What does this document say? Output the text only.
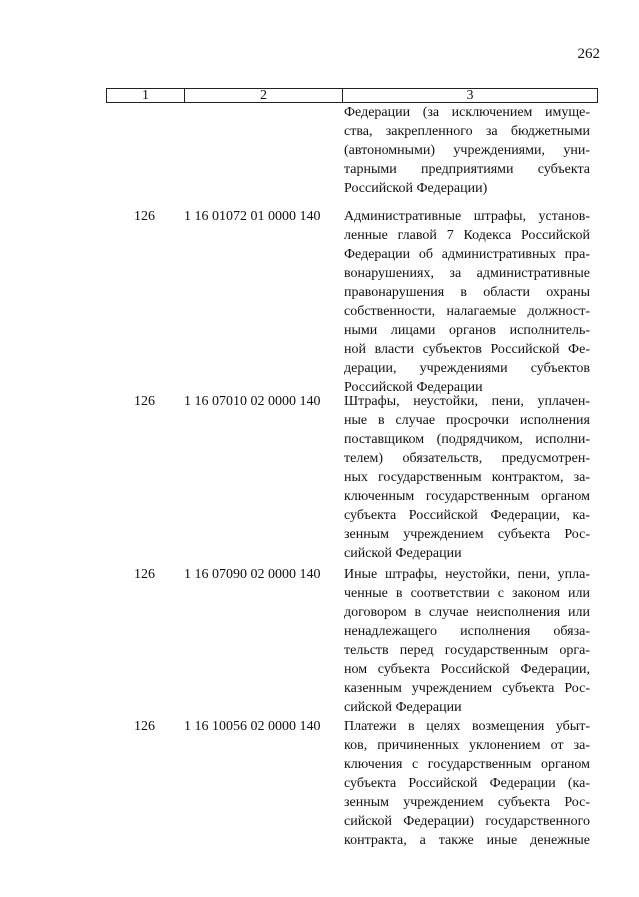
262
1	2	3
Федерации (за исключением имуще-
ства, закрепленного за бюджетными
(автономными) учреждениями, уни-
тарными предприятиями субъекта
Российской Федерации)
126 1 16 01072 01 0000 140 Административные штрафы, установ-
ленные главой 7 Кодекса Российской
Федерации об административных пра-
вонарушениях, за административные
правонарушения в области охраны
собственности, налагаемые должност-
ными лицами органов исполнитель-
ной власти субъектов Российской Фе-
дерации, учреждениями субъектов
Российской Федерации
126 1 16 07010 02 0000 140 Штрафы, неустойки, пени, уплачен-
ные в случае просрочки исполнения
поставщиком (подрядчиком, исполни-
телем) обязательств, предусмотрен-
ных государственным контрактом, за-
ключенным государственным органом
субъекта Российской Федерации, ка-
зенным учреждением субъекта Рос-
сийской Федерации
126 1 16 07090 02 0000 140 Иные штрафы, неустойки, пени, упла-
ченные в соответствии с законом или
договором в случае неисполнения или
ненадлежащего исполнения обяза-
тельств перед государственным орга-
ном субъекта Российской Федерации,
казенным учреждением субъекта Рос-
сийской Федерации
126 1 16 10056 02 0000 140 Платежи в целях возмещения убыт-
ков, причиненных уклонением от за-
ключения с государственным органом
субъекта Российской Федерации (ка-
зенным учреждением субъекта Рос-
сийской Федерации) государственного
контракта, а также иные денежные
